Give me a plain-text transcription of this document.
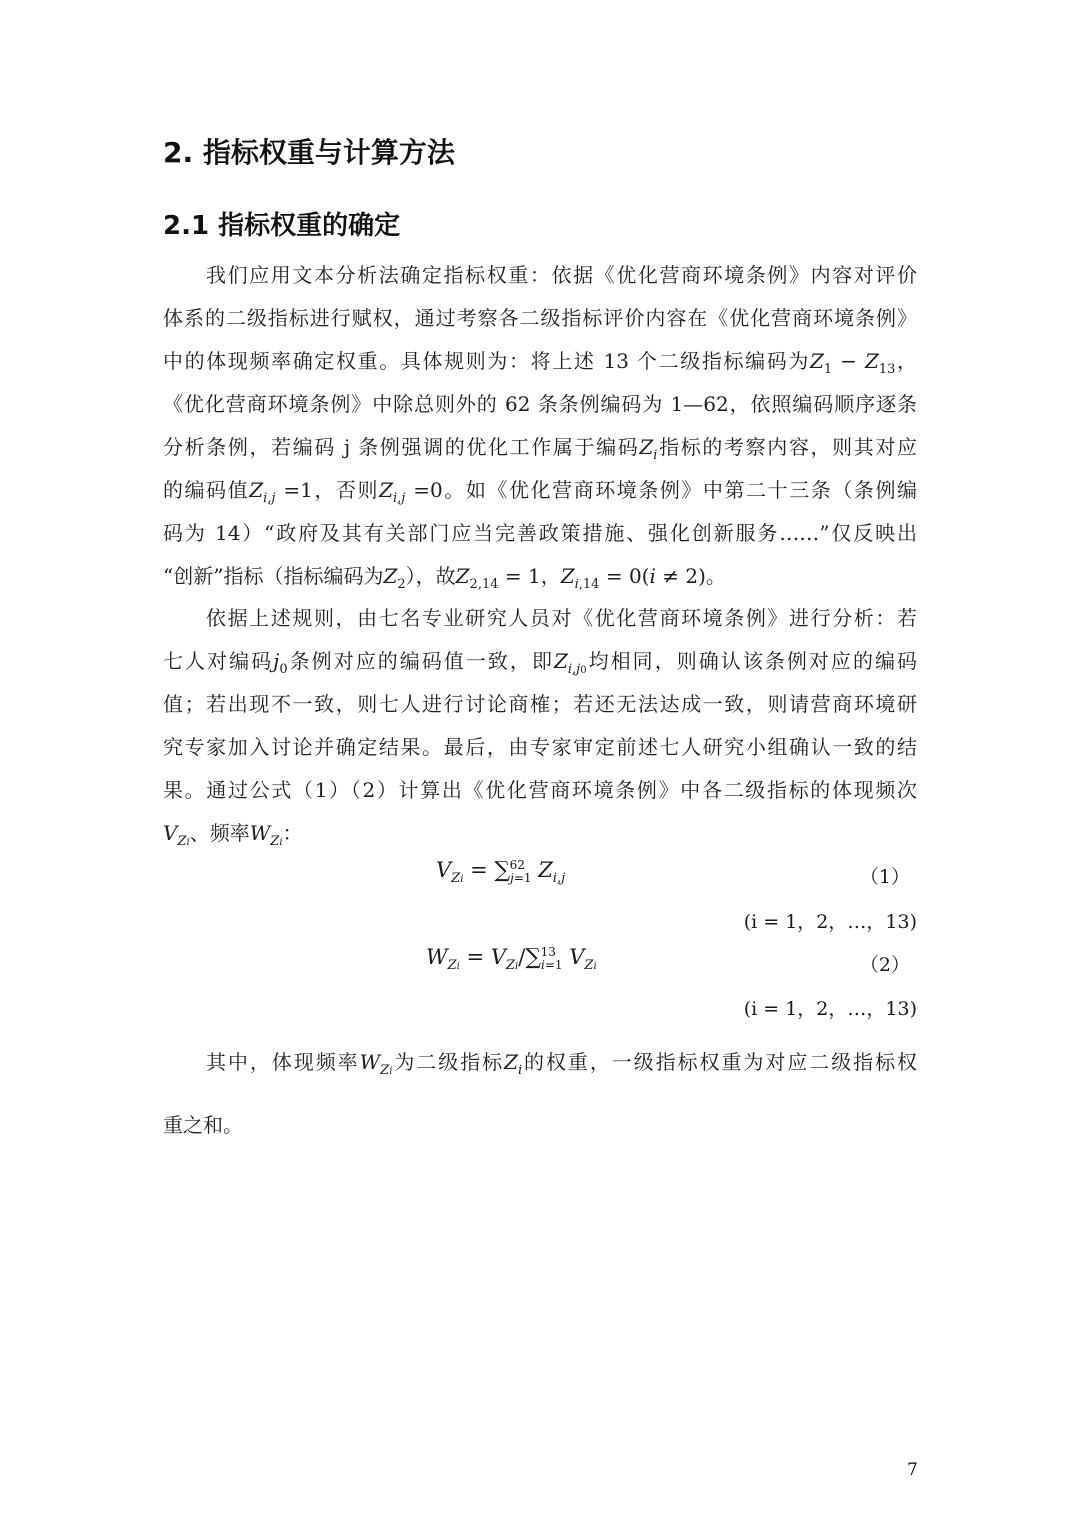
2. 指标权重与计算方法
2.1 指标权重的确定
我们应用文本分析法确定指标权重：依据《优化营商环境条例》内容对评价
体系的二级指标进行赋权，通过考察各二级指标评价内容在《优化营商环境条例》
中的体现频率确定权重。具体规则为：将上述 13 个二级指标编码为$Z_1 - Z_{13}$，
《优化营商环境条例》中除总则外的 62 条条例编码为 1—62，依照编码顺序逐条
分析条例，若编码 j 条例强调的优化工作属于编码$Z_i$指标的考察内容，则其对应
的编码值$Z_{i,j} =1$，否则$Z_{i,j} =0$。如《优化营商环境条例》中第二十三条（条例编
码为 14）“政府及其有关部门应当完善政策措施、强化创新服务……”仅反映出
“创新”指标（指标编码为$Z_2$），故$Z_{2,14} = 1$，$Z_{i,14} = 0(i \ne 2)$。
依据上述规则，由七名专业研究人员对《优化营商环境条例》进行分析：若
七人对编码$j_0$条例对应的编码值一致，即$Z_{i,j0}$均相同，则确认该条例对应的编码
值；若出现不一致，则七人进行讨论商榷；若还无法达成一致，则请营商环境研
究专家加入讨论并确定结果。最后，由专家审定前述七人研究小组确认一致的结
果。通过公式（1）（2）计算出《优化营商环境条例》中各二级指标的体现频次
$V_{Zi}$、频率$W_{Zi}$：
$V_{Zi} = \sum_{j=1}^{62}$  $Z_{i,j}$	（1）
(i = 1，2，…，13)
$W_{Zi} = V_{Zi}/\sum_{i=1}^{13}$  $V_{Zi}$	（2）
(i = 1，2，…，13)
其中，体现频率$W_{Zi}$为二级指标$Z_i$的权重，一级指标权重为对应二级指标权
重之和。
7
